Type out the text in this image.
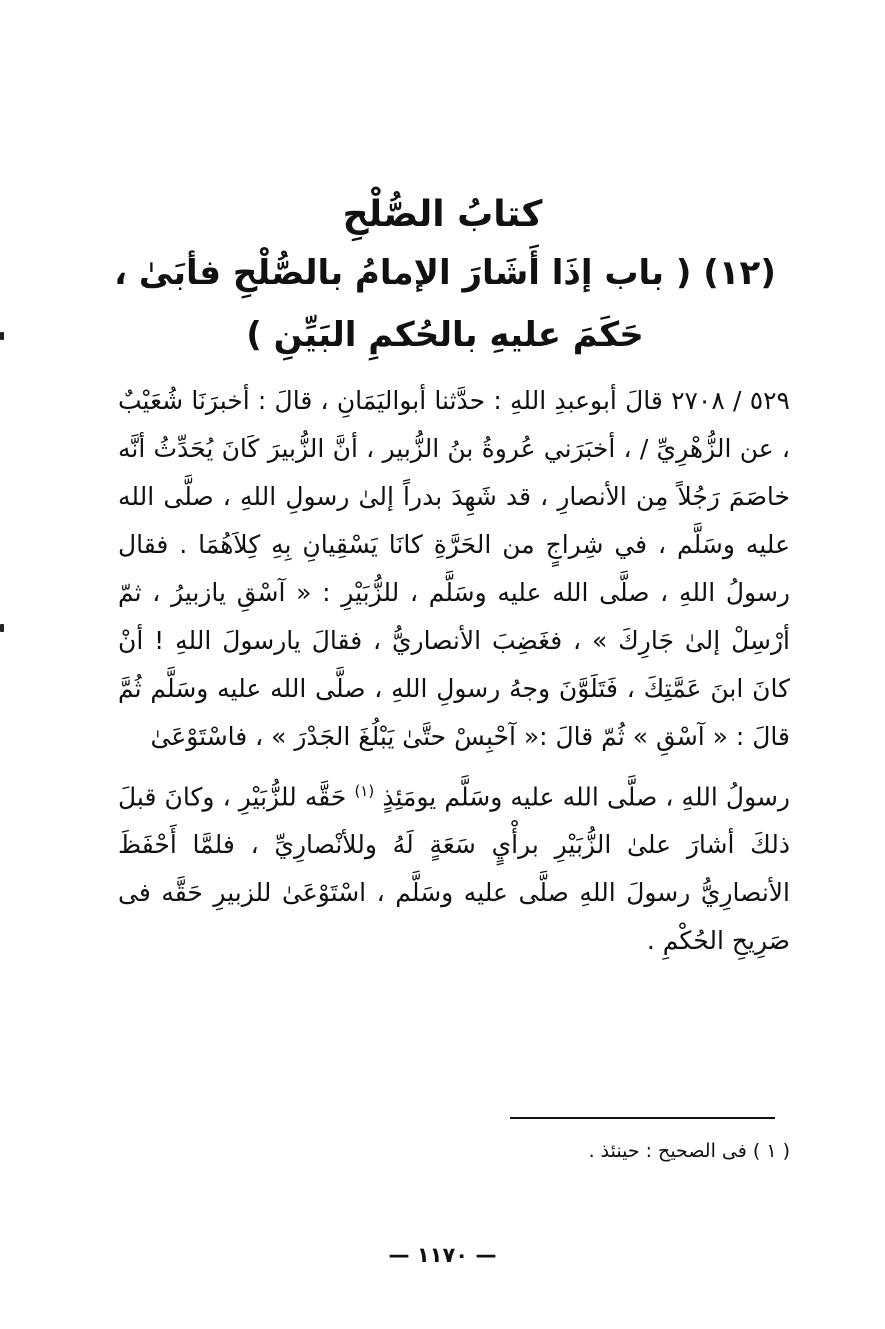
كتابُ الصُّلْحِ
(١٢) ( باب إذَا أَشَارَ الإمامُ بالصُّلْحِ فأبَىٰ ، حَكَمَ عليهِ بالحُكمِ البَيِّنِ )

٥٢٩ / ٢٧٠٨ قالَ أبوعبدِ اللهِ : حدَّثنا أبواليَمَانِ ، قالَ : أخبرَنَا شُعَيْبٌ ، عن الزُّهْرِيِّ / ، أخبَرَني عُروةُ بنُ الزُّبير ، أنَّ الزُّبيرَ كَانَ يُحَدِّثُ أنَّه خاصَمَ رَجُلاً مِن الأنصارِ ، قد شَهِدَ بدراً إلىٰ رسولِ اللهِ ، صلَّى الله عليه وسَلَّم ، في شِراجٍ من الحَرَّةِ كانَا يَسْقِيانِ بِهِ كِلاَهُمَا . فقال رسولُ اللهِ ، صلَّى الله عليه وسَلَّم ، للزُّبَيْرِ : « آسْقِ يازبيرُ ، ثمّ أرْسِلْ إلىٰ جَارِكَ » ، فغَضِبَ الأنصاريُّ ، فقالَ يارسولَ اللهِ ! أنْ كانَ ابنَ عَمَّتِكَ ، فَتَلَوَّنَ وجهُ رسولِ اللهِ ، صلَّى الله عليه وسَلَّم ثُمَّ قالَ : « آسْقِ » ثُمّ قالَ :« آحْبِسْ حتَّىٰ يَبْلُغَ الجَدْرَ » ، فاسْتَوْعَىٰ

رسولُ اللهِ ، صلَّى الله عليه وسَلَّم يومَئِذٍ $^{(١)}$ حَقَّه للزُّبَيْرِ ، وكانَ قبلَ ذلكَ أشارَ علىٰ الزُّبَيْرِ برأْيٍ سَعَةٍ لَهُ وللأنْصارِيِّ ، فلمَّا أَحْفَظَ الأنصارِيُّ رسولَ اللهِ صلَّى عليه وسَلَّم ، اسْتَوْعَىٰ للزبيرِ حَقَّه فى صَرِيحِ الحُكْمِ .

( ١ ) فى الصحيح : حينئذ .
— ١١٧٠ —
